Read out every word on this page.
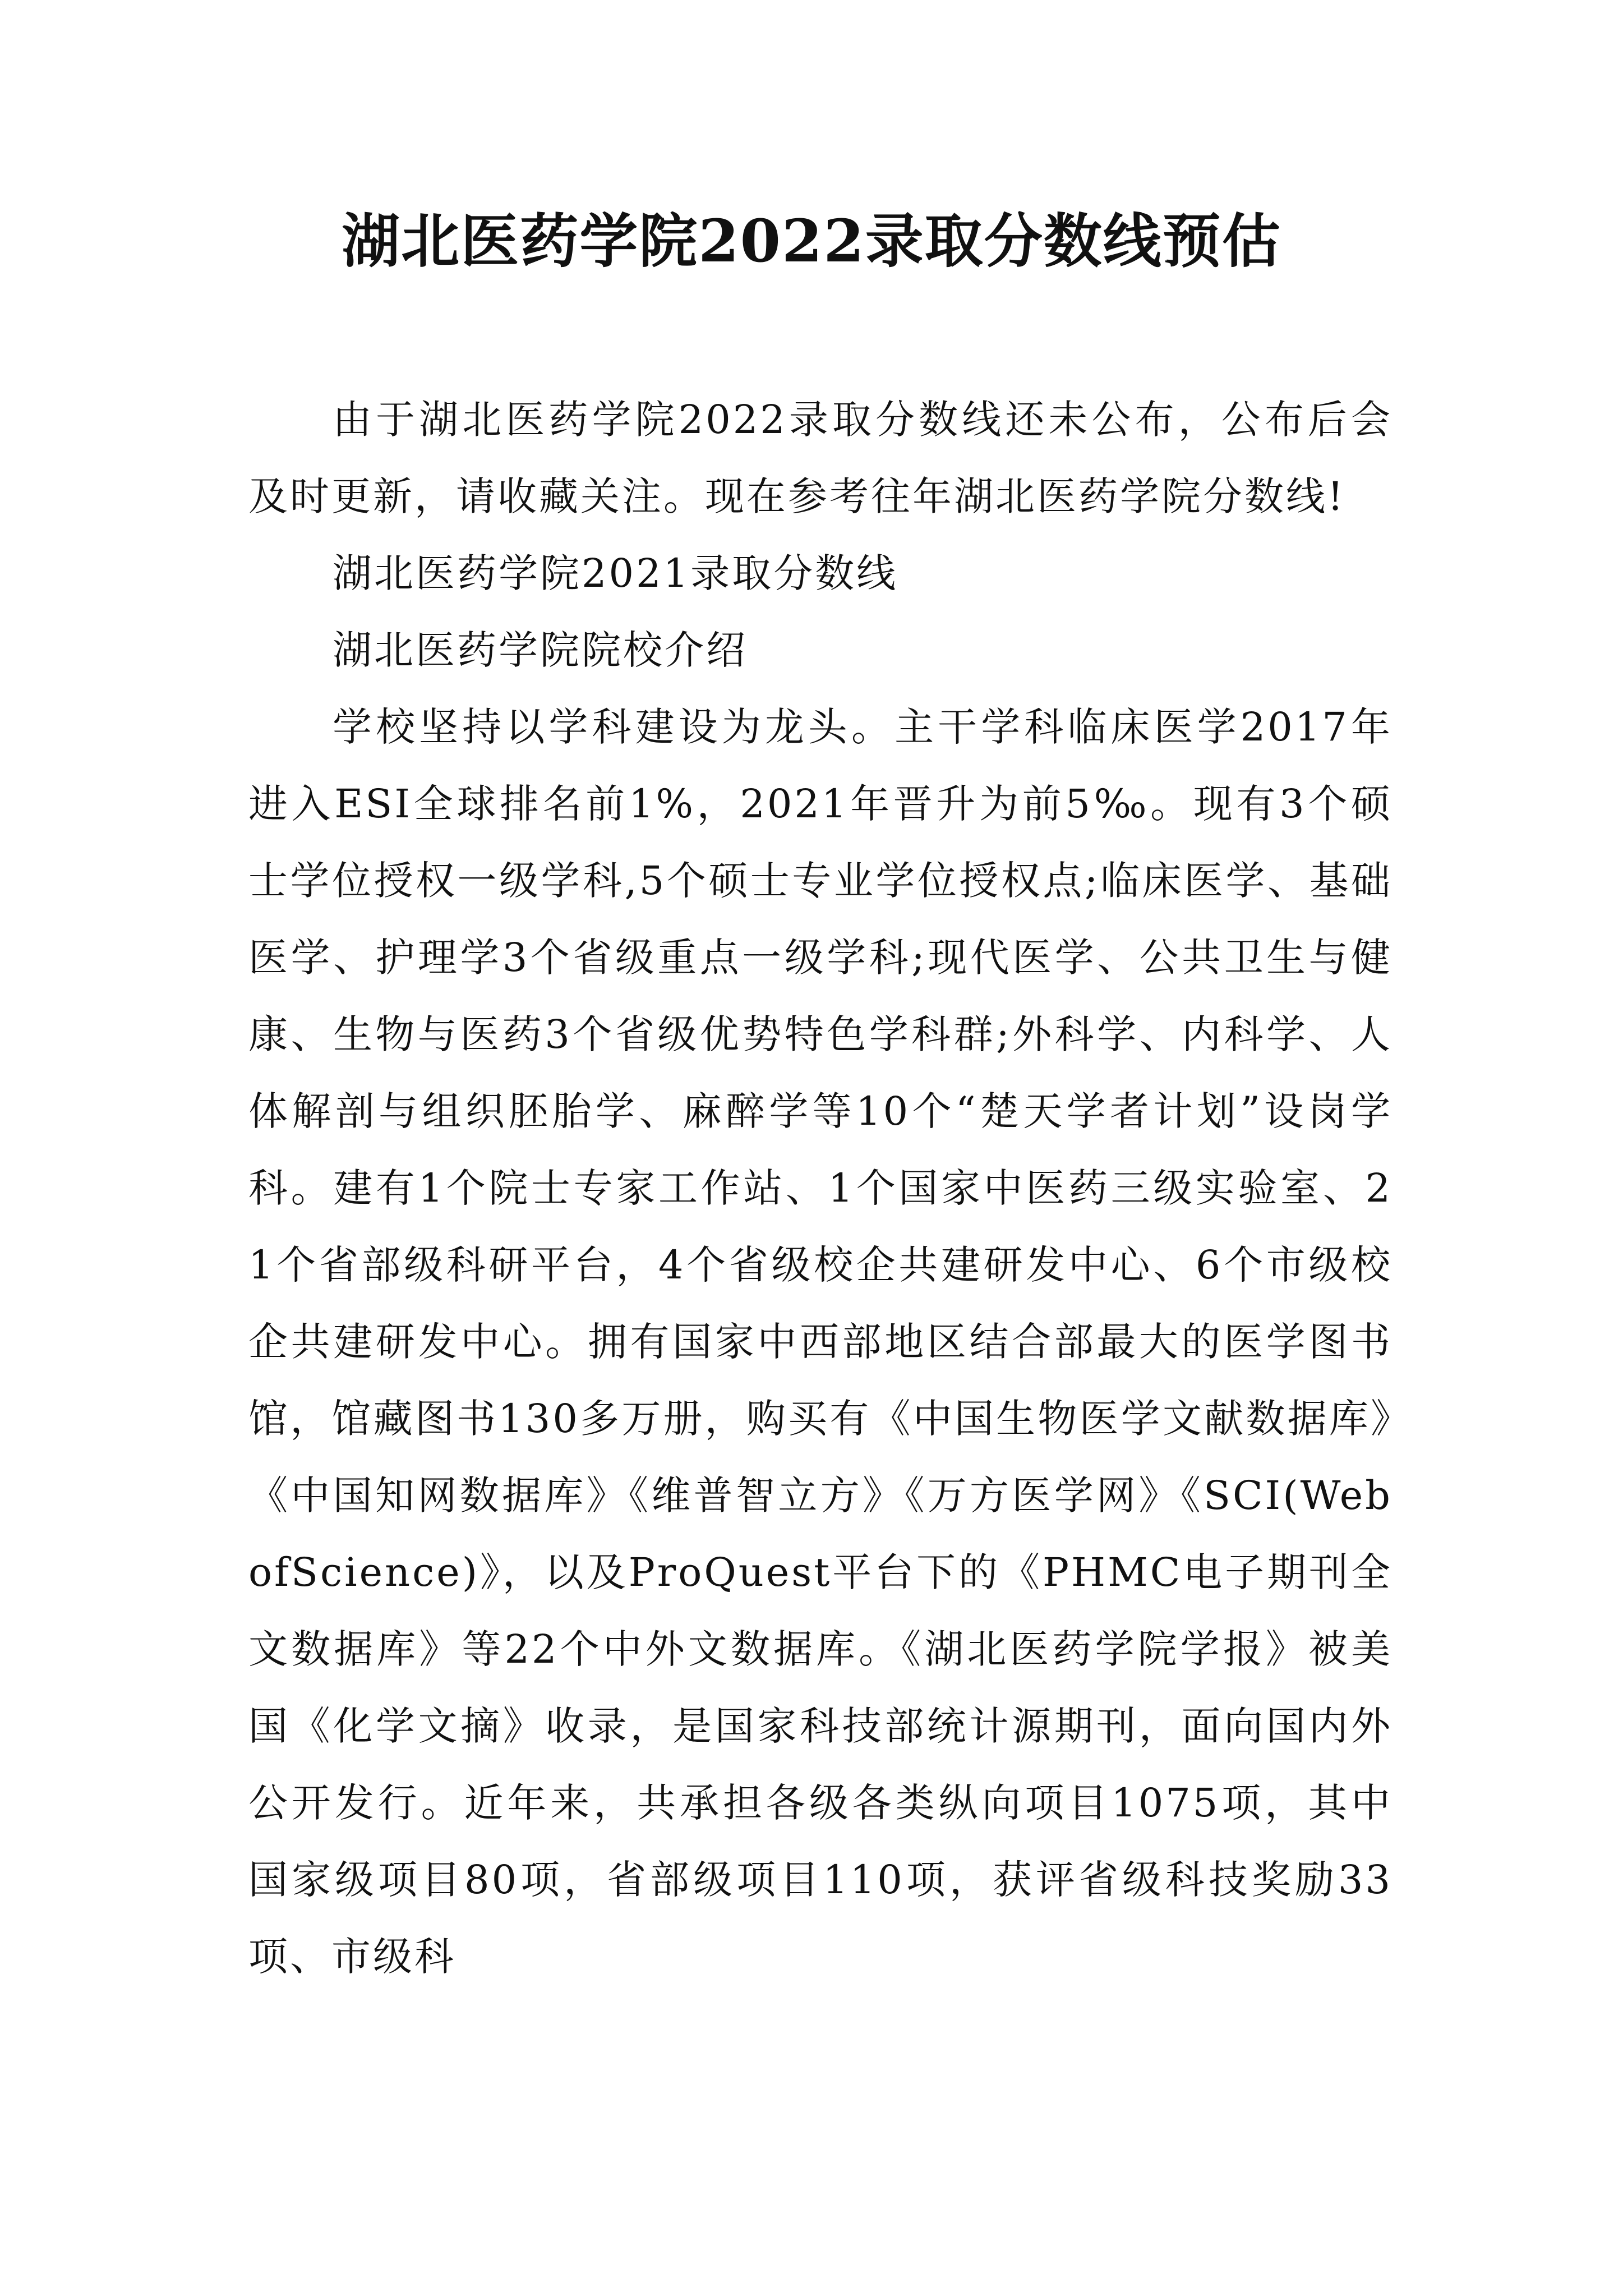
湖北医药学院2022录取分数线预估

由于湖北医药学院2022录取分数线还未公布，公布后会及时更新，请收藏关注。现在参考往年湖北医药学院分数线!

湖北医药学院2021录取分数线

湖北医药学院院校介绍

学校坚持以学科建设为龙头。主干学科临床医学2017年进入ESI全球排名前1%，2021年晋升为前5‰。现有3个硕士学位授权一级学科,5个硕士专业学位授权点;临床医学、基础医学、护理学3个省级重点一级学科;现代医学、公共卫生与健康、生物与医药3个省级优势特色学科群;外科学、内科学、人体解剖与组织胚胎学、麻醉学等10个“楚天学者计划”设岗学科。建有1个院士专家工作站、1个国家中医药三级实验室、21个省部级科研平台，4个省级校企共建研发中心、6个市级校企共建研发中心。拥有国家中西部地区结合部最大的医学图书馆，馆藏图书130多万册，购买有《中国生物医学文献数据库》《中国知网数据库》《维普智立方》《万方医学网》《SCI(Web ofScience)》，以及ProQuest平台下的《PHMC电子期刊全文数据库》等22个中外文数据库。《湖北医药学院学报》被美国《化学文摘》收录，是国家科技部统计源期刊，面向国内外公开发行。近年来，共承担各级各类纵向项目1075项，其中国家级项目80项，省部级项目110项，获评省级科技奖励33项、市级科
